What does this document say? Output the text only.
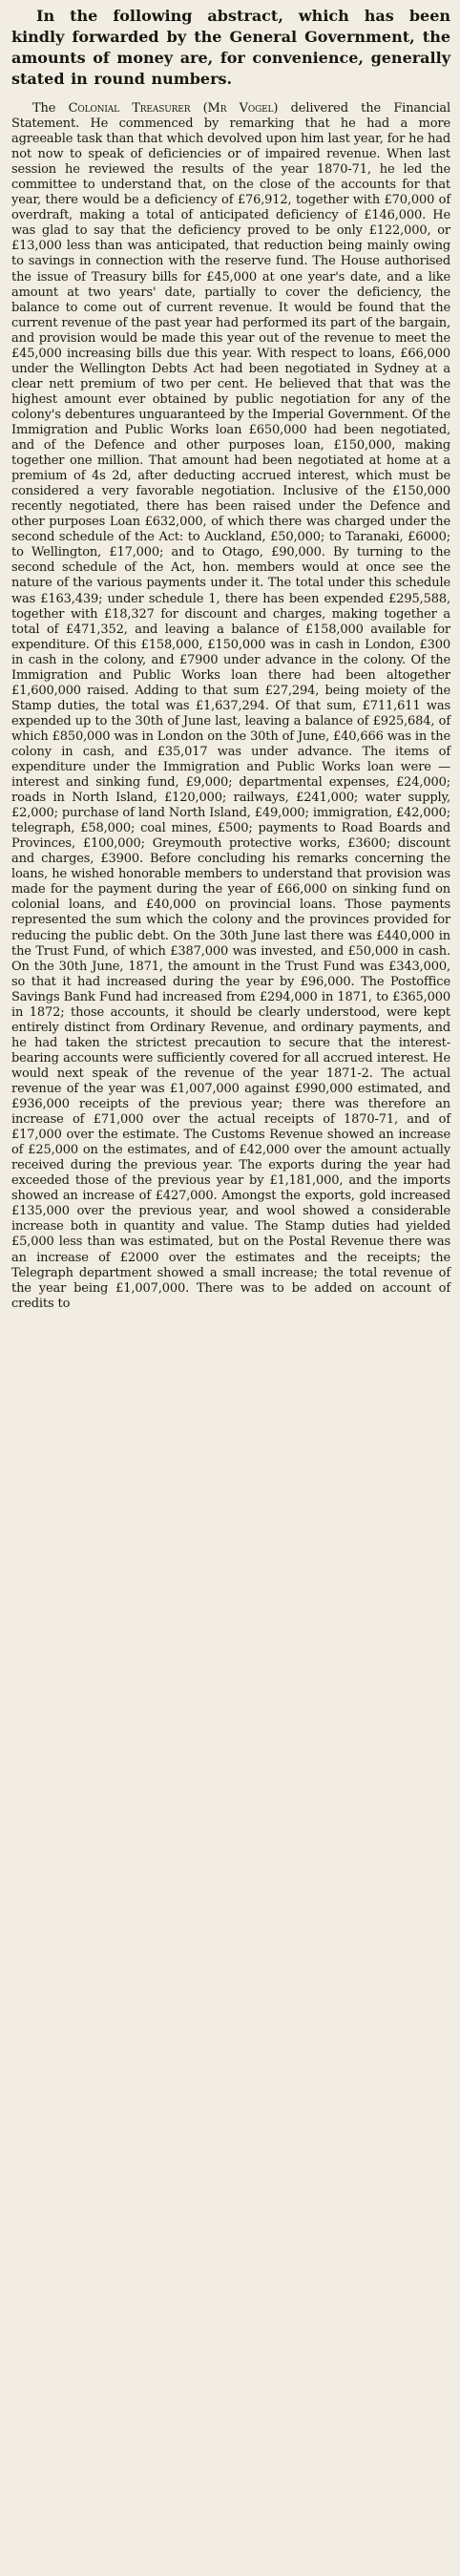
In the following abstract, which has been kindly forwarded by the General Government, the amounts of money are, for convenience, generally stated in round numbers.

The Colonial Treasurer (Mr Vogel) delivered the Financial Statement. He commenced by remarking that he had a more agreeable task than that which devolved upon him last year, for he had not now to speak of deficiencies or of impaired revenue. When last session he reviewed the results of the year 1870-71, he led the committee to understand that, on the close of the accounts for that year, there would be a deficiency of £76,912, together with £70,000 of overdraft, making a total of anticipated deficiency of £146,000. He was glad to say that the deficiency proved to be only £122,000, or £13,000 less than was anticipated, that reduction being mainly owing to savings in connection with the reserve fund. The House authorised the issue of Treasury bills for £45,000 at one year's date, and a like amount at two years' date, partially to cover the deficiency, the balance to come out of current revenue. It would be found that the current revenue of the past year had performed its part of the bargain, and provision would be made this year out of the revenue to meet the £45,000 increasing bills due this year. With respect to loans, £66,000 under the Wellington Debts Act had been negotiated in Sydney at a clear nett premium of two per cent. He believed that that was the highest amount ever obtained by public negotiation for any of the colony's debentures unguaranteed by the Imperial Government. Of the Immigration and Public Works loan £650,000 had been negotiated, and of the Defence and other purposes loan, £150,000, making together one million. That amount had been negotiated at home at a premium of 4s 2d, after deducting accrued interest, which must be considered a very favorable negotiation. Inclusive of the £150,000 recently negotiated, there has been raised under the Defence and other purposes Loan £632,000, of which there was charged under the second schedule of the Act: to Auckland, £50,000; to Taranaki, £6000; to Wellington, £17,000; and to Otago, £90,000. By turning to the second schedule of the Act, hon. members would at once see the nature of the various payments under it. The total under this schedule was £163,439; under schedule 1, there has been expended £295,588, together with £18,327 for discount and charges, making together a total of £471,352, and leaving a balance of £158,000 available for expenditure. Of this £158,000, £150,000 was in cash in London, £300 in cash in the colony, and £7900 under advance in the colony. Of the Immigration and Public Works loan there had been altogether £1,600,000 raised. Adding to that sum £27,294, being moiety of the Stamp duties, the total was £1,637,294. Of that sum, £711,611 was expended up to the 30th of June last, leaving a balance of £925,684, of which £850,000 was in London on the 30th of June, £40,666 was in the colony in cash, and £35,017 was under advance. The items of expenditure under the Immigration and Public Works loan were — interest and sinking fund, £9,000; departmental expenses, £24,000; roads in North Island, £120,000; railways, £241,000; water supply, £2,000; purchase of land North Island, £49,000; immigration, £42,000; telegraph, £58,000; coal mines, £500; payments to Road Boards and Provinces, £100,000; Greymouth protective works, £3600; discount and charges, £3900. Before concluding his remarks concerning the loans, he wished honorable members to understand that provision was made for the payment during the year of £66,000 on sinking fund on colonial loans, and £40,000 on provincial loans. Those payments represented the sum which the colony and the provinces provided for reducing the public debt. On the 30th June last there was £440,000 in the Trust Fund, of which £387,000 was invested, and £50,000 in cash. On the 30th June, 1871, the amount in the Trust Fund was £343,000, so that it had increased during the year by £96,000. The Postoffice Savings Bank Fund had increased from £294,000 in 1871, to £365,000 in 1872; those accounts, it should be clearly understood, were kept entirely distinct from Ordinary Revenue, and ordinary payments, and he had taken the strictest precaution to secure that the interest-bearing accounts were sufficiently covered for all accrued interest. He would next speak of the revenue of the year 1871-2. The actual revenue of the year was £1,007,000 against £990,000 estimated, and £936,000 receipts of the previous year; there was therefore an increase of £71,000 over the actual receipts of 1870-71, and of £17,000 over the estimate. The Customs Revenue showed an increase of £25,000 on the estimates, and of £42,000 over the amount actually received during the previous year. The exports during the year had exceeded those of the previous year by £1,181,000, and the imports showed an increase of £427,000. Amongst the exports, gold increased £135,000 over the previous year, and wool showed a considerable increase both in quantity and value. The Stamp duties had yielded £5,000 less than was estimated, but on the Postal Revenue there was an increase of £2000 over the estimates and the receipts; the Telegraph department showed a small increase; the total revenue of the year being £1,007,000. There was to be added on account of credits to
